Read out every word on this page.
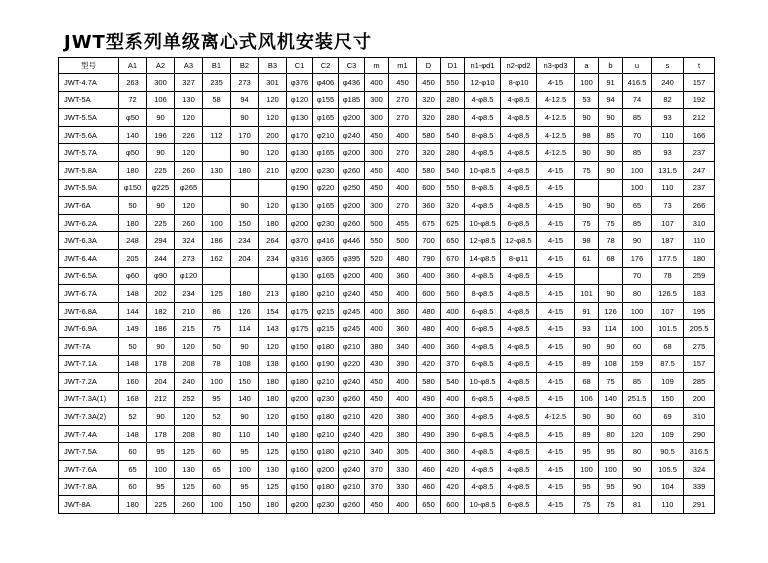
JWT型系列单级离心式风机安装尺寸
型号	A1	A2	A3	B1	B2	B3	C1	C2	C3	m	m1	D	D1	n1-φd1	n2-φd2	n3-φd3	a	b	u	s	t
JWT-4.7A	263	300	327	235	273	301	φ376	φ406	φ436	400	450	450	550	12-φ10	8-φ10	4-15	100	91	416.5	240	157
JWT-5A	72	106	130	58	94	120	φ120	φ155	φ185	300	270	320	280	4-φ8.5	4-φ8.5	4-12.5	53	94	74	82	192
JWT-5.5A	φ50	90	120		90	120	φ130	φ165	φ200	300	270	320	280	4-φ8.5	4-φ8.5	4-12.5	90	90	85	93	212
JWT-5.6A	140	196	226	112	170	200	φ170	φ210	φ240	450	400	580	540	8-φ8.5	4-φ8.5	4-12.5	98	85	70	110	166
JWT-5.7A	φ50	90	120		90	120	φ130	φ165	φ200	300	270	320	280	4-φ8.5	4-φ8.5	4-12.5	90	90	85	93	237
JWT-5.8A	180	225	260	130	180	210	φ200	φ230	φ260	450	400	580	540	10-φ8.5	4-φ8.5	4-15	75	90	100	131.5	247
JWT-5.9A	φ150	φ225	φ265				φ190	φ220	φ250	450	400	600	550	8-φ8.5	4-φ8.5	4-15			100	110	237
JWT-6A	50	90	120		90	120	φ130	φ165	φ200	300	270	360	320	4-φ8.5	4-φ8.5	4-15	90	90	65	73	266
JWT-6.2A	180	225	260	100	150	180	φ200	φ230	φ260	500	455	675	625	10-φ8.5	6-φ8.5	4-15	75	75	85	107	310
JWT-6.3A	248	294	324	186	234	264	φ370	φ416	φ446	550	500	700	650	12-φ8.5	12-φ8.5	4-15	98	78	90	187	110
JWT-6.4A	205	244	273	162	204	234	φ316	φ365	φ395	520	480	790	670	14-φ8.5	8-φ11	4-15	61	68	176	177.5	180
JWT-6.5A	φ60	φ90	φ120				φ130	φ165	φ200	400	360	400	360	4-φ8.5	4-φ8.5	4-15			70	78	259
JWT-6.7A	148	202	234	125	180	213	φ180	φ210	φ240	450	400	600	560	8-φ8.5	4-φ8.5	4-15	101	90	80	126.5	183
JWT-6.8A	144	182	210	86	126	154	φ175	φ215	φ245	400	360	480	400	6-φ8.5	4-φ8.5	4-15	91	126	100	107	195
JWT-6.9A	149	186	215	75	114	143	φ175	φ215	φ245	400	360	480	400	6-φ8.5	4-φ8.5	4-15	93	114	100	101.5	205.5
JWT-7A	50	90	120	50	90	120	φ150	φ180	φ210	380	340	400	360	4-φ8.5	4-φ8.5	4-15	90	90	60	68	275
JWT-7.1A	148	178	208	78	108	138	φ160	φ190	φ220	430	390	420	370	6-φ8.5	4-φ8.5	4-15	89	108	159	87.5	157
JWT-7.2A	160	204	240	100	150	180	φ180	φ210	φ240	450	400	580	540	10-φ8.5	4-φ8.5	4-15	68	75	85	109	285
JWT-7.3A(1)	168	212	252	95	140	180	φ200	φ230	φ260	450	400	490	400	6-φ8.5	4-φ8.5	4-15	106	140	251.5	150	200
JWT-7.3A(2)	52	90	120	52	90	120	φ150	φ180	φ210	420	380	400	360	4-φ8.5	4-φ8.5	4-12.5	90	90	60	69	310
JWT-7.4A	148	178	208	80	110	140	φ180	φ210	φ240	420	380	490	390	6-φ8.5	4-φ8.5	4-15	89	80	120	109	290
JWT-7.5A	60	95	125	60	95	125	φ150	φ180	φ210	340	305	400	360	4-φ8.5	4-φ8.5	4-15	95	95	80	90.5	316.5
JWT-7.6A	65	100	130	65	100	130	φ160	φ200	φ240	370	330	460	420	4-φ8.5	4-φ8.5	4-15	100	100	90	105.5	324
JWT-7.8A	60	95	125	60	95	125	φ150	φ180	φ210	370	330	460	420	4-φ8.5	4-φ8.5	4-15	95	95	90	104	339
JWT-8A	180	225	260	100	150	180	φ200	φ230	φ260	450	400	650	600	10-φ8.5	6-φ8.5	4-15	75	75	81	110	291
